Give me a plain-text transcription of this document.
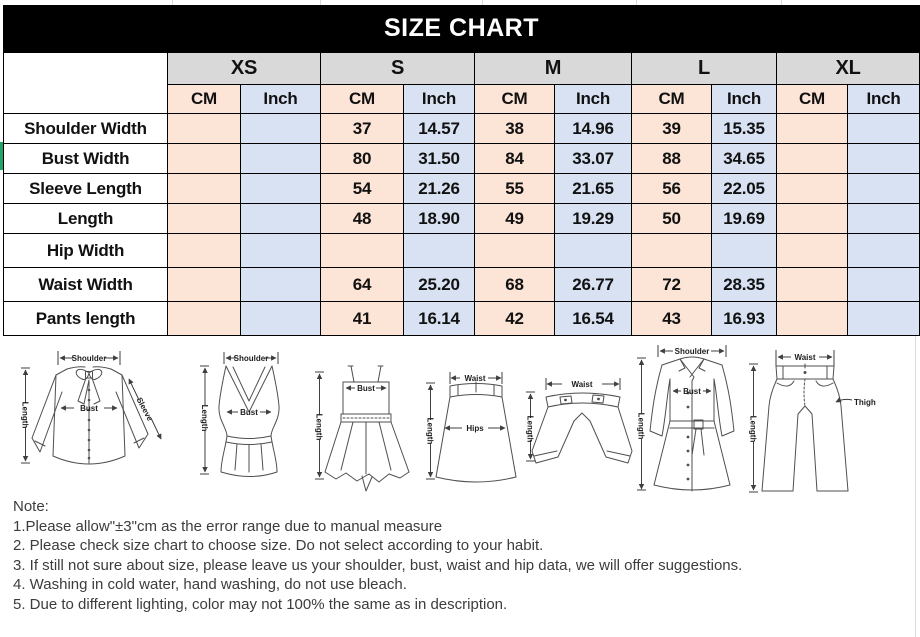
SIZE CHART
	XS		S		M		L		XL	
	CM	Inch	CM	Inch	CM	Inch	CM	Inch	CM	Inch
Shoulder Width			37	14.57	38	14.96	39	15.35		
Bust Width			80	31.50	84	33.07	88	34.65		
Sleeve Length			54	21.26	55	21.65	56	22.05		
Length			48	18.90	49	19.29	50	19.69		
Hip Width										
Waist Width			64	25.20	68	26.77	72	28.35		
Pants length			41	16.14	42	16.54	43	16.93		
Shoulder
Bust	Sleeve
Length
Shoulder
Bust
Length
Bust
Length
Waist
Hips
Length
Waist
Length
Shoulder
Bust
Length
Waist
Thigh
Length
Note:
1.Please allow"±3"cm as the error range due to manual measure
2. Please check size chart to choose size. Do not select according to your habit.
3. If still not sure about size, please leave us your shoulder, bust, waist and hip data, we will offer suggestions.
4. Washing in cold water, hand washing, do not use bleach.
5. Due to different lighting, color may not 100% the same as in description.
